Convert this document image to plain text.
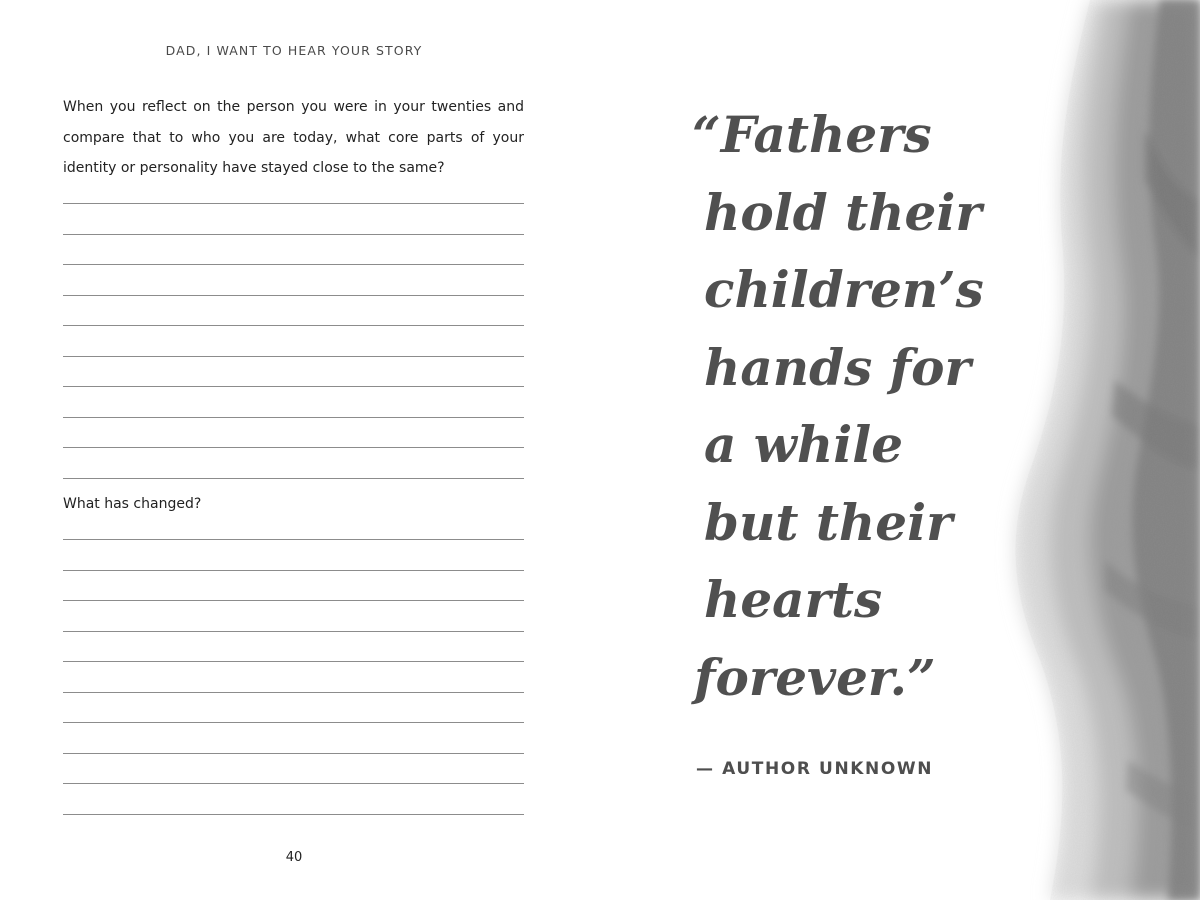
DAD, I WANT TO HEAR YOUR STORY
When you reflect on the person you were in your twenties and compare that to who you are today, what core parts of your identity or personality have stayed close to the same?
What has changed?
40
“Fathers
hold their
children’s
hands for
a while
but their
hearts
forever.”
— AUTHOR UNKNOWN
